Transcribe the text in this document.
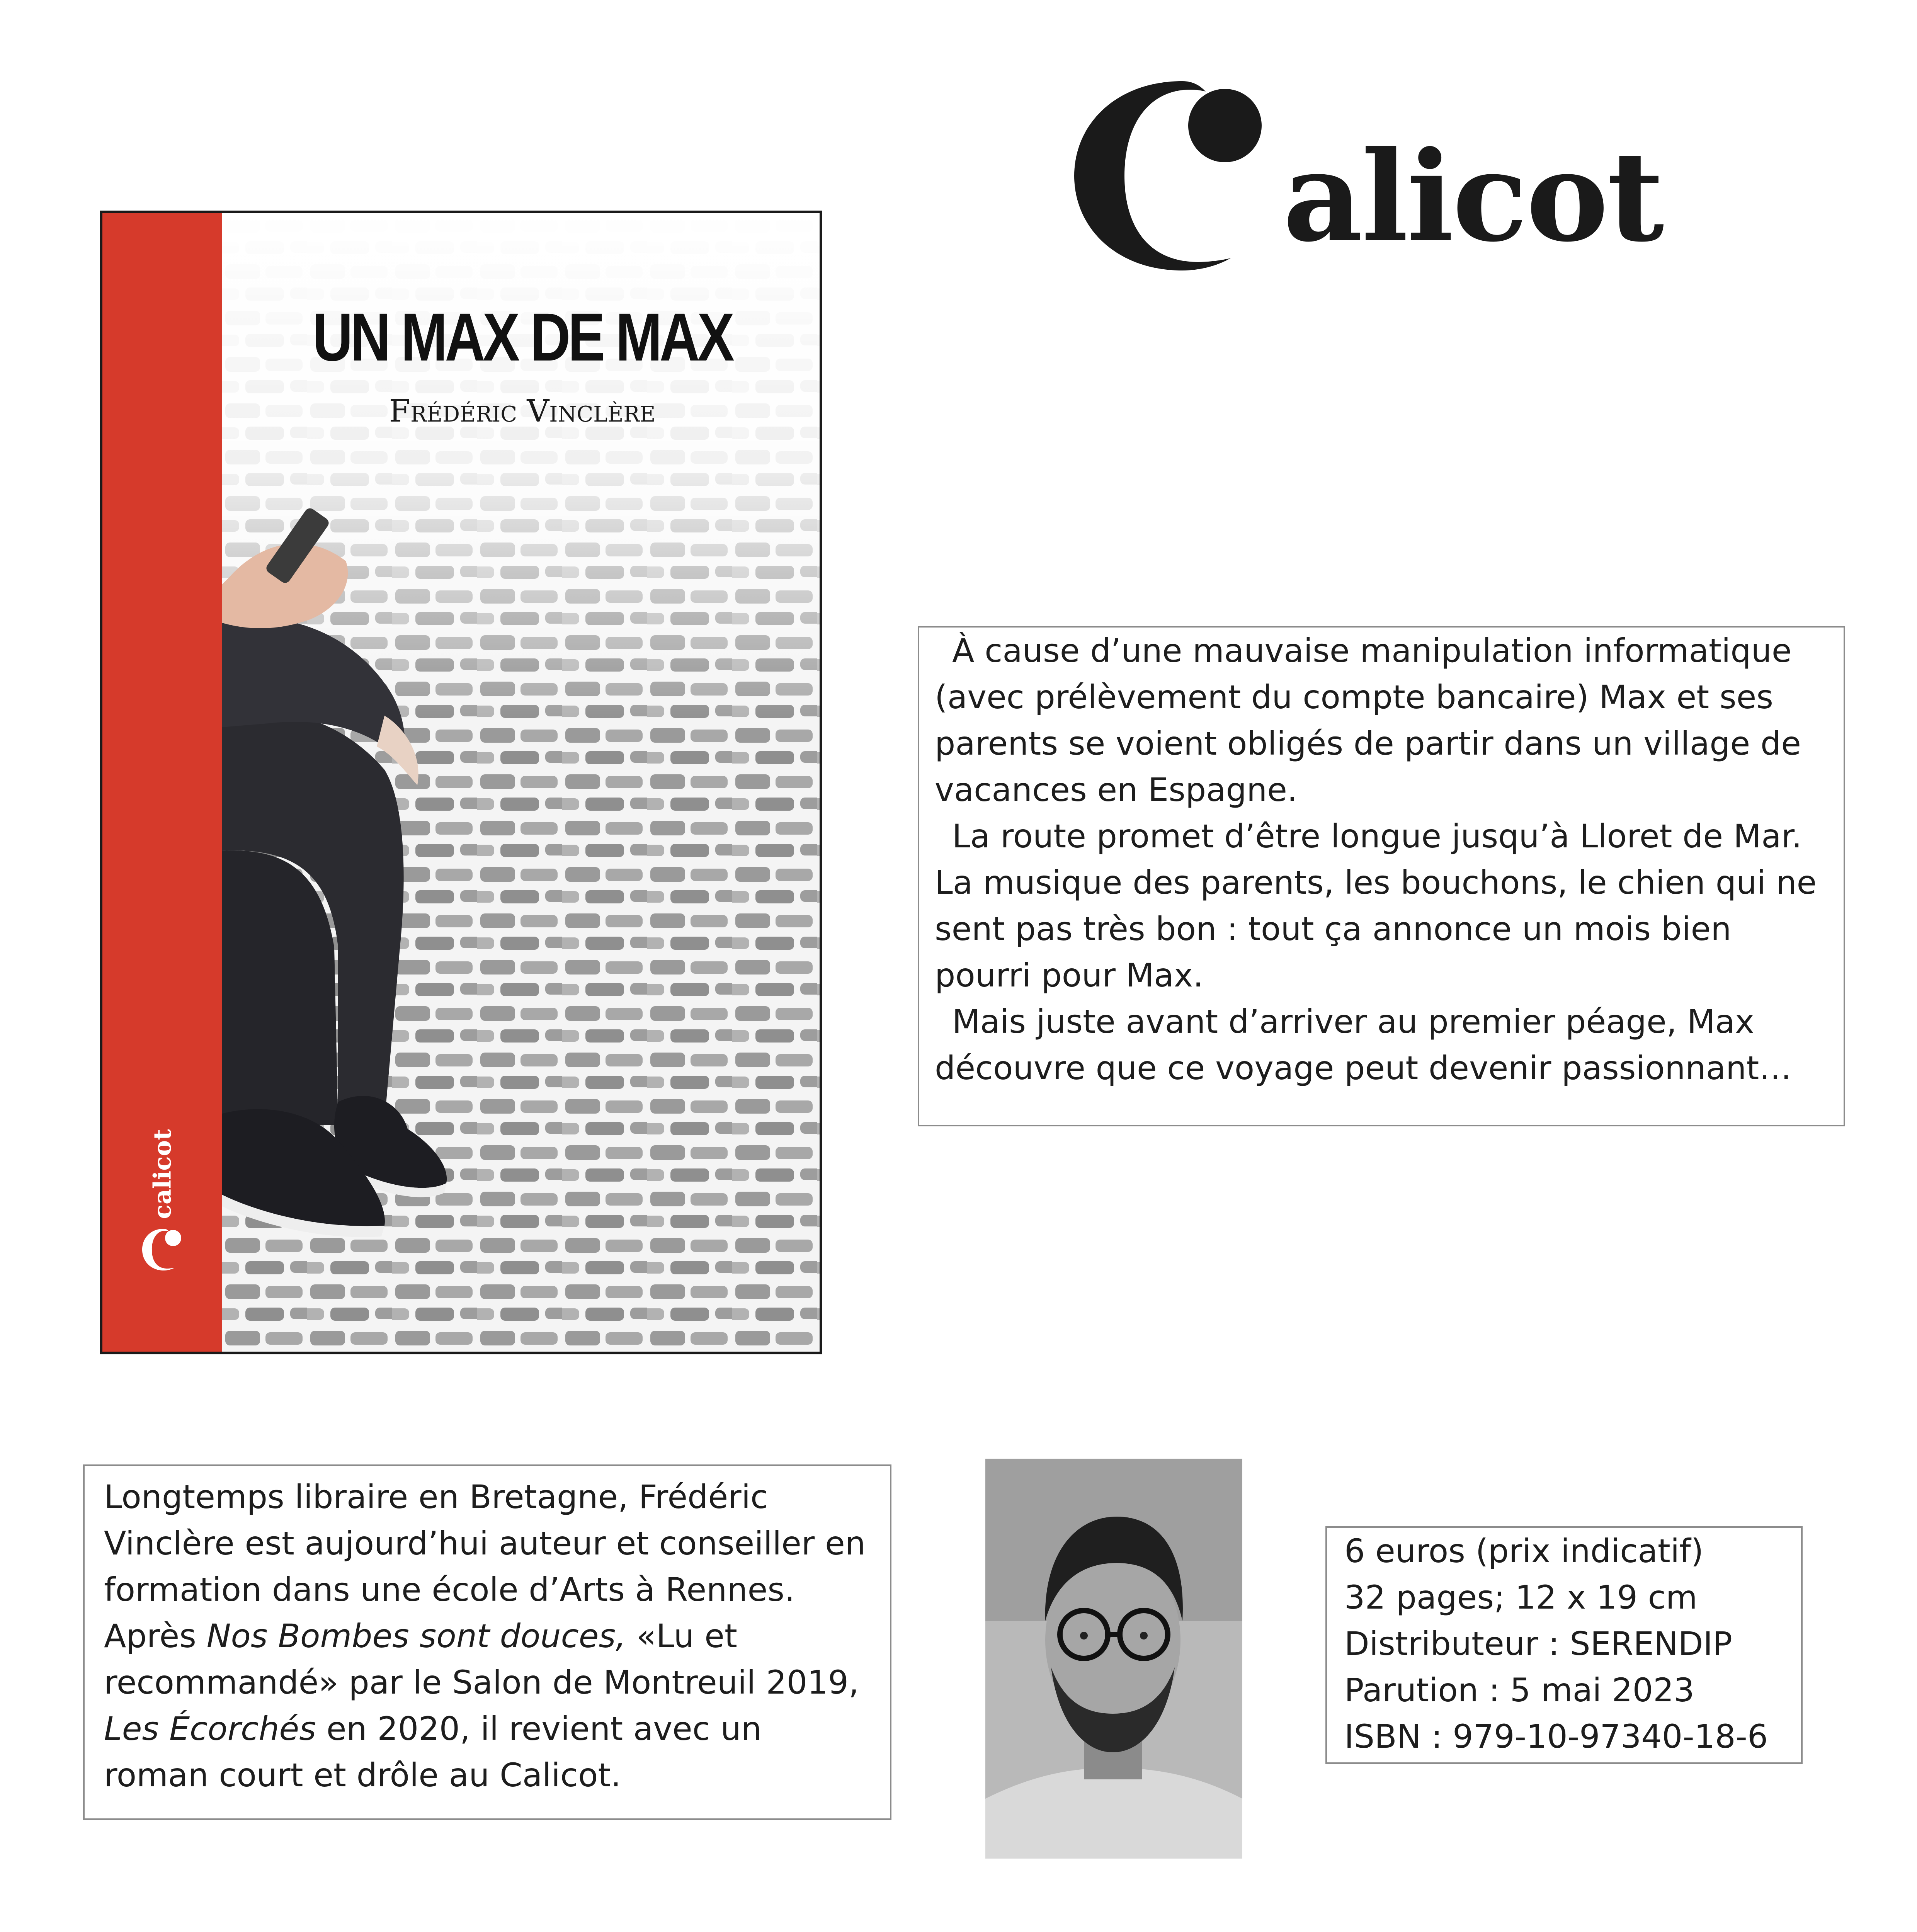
alicot
calicot
UN MAX DE MAX
Frédéric Vinclère

À cause d’une mauvaise manipulation informatique (avec prélèvement du compte bancaire) Max et ses parents se voient obligés de partir dans un village de vacances en Espagne.

La route promet d’être longue jusqu’à Lloret de Mar. La musique des parents, les bouchons, le chien qui ne sent pas très bon : tout ça annonce un mois bien pourri pour Max.

Mais juste avant d’arriver au premier péage, Max découvre que ce voyage peut devenir passionnant…

Longtemps libraire en Bretagne, Frédéric Vinclère est aujourd’hui auteur et conseiller en formation dans une école d’Arts à Rennes.

Après Nos Bombes sont douces, «Lu et recommandé» par le Salon de Montreuil 2019, Les Écorchés en 2020, il revient avec un roman court et drôle au Calicot.

6 euros (prix indicatif)
32 pages; 12 x 19 cm
Distributeur : SERENDIP
Parution : 5 mai 2023
ISBN : 979-10-97340-18-6
